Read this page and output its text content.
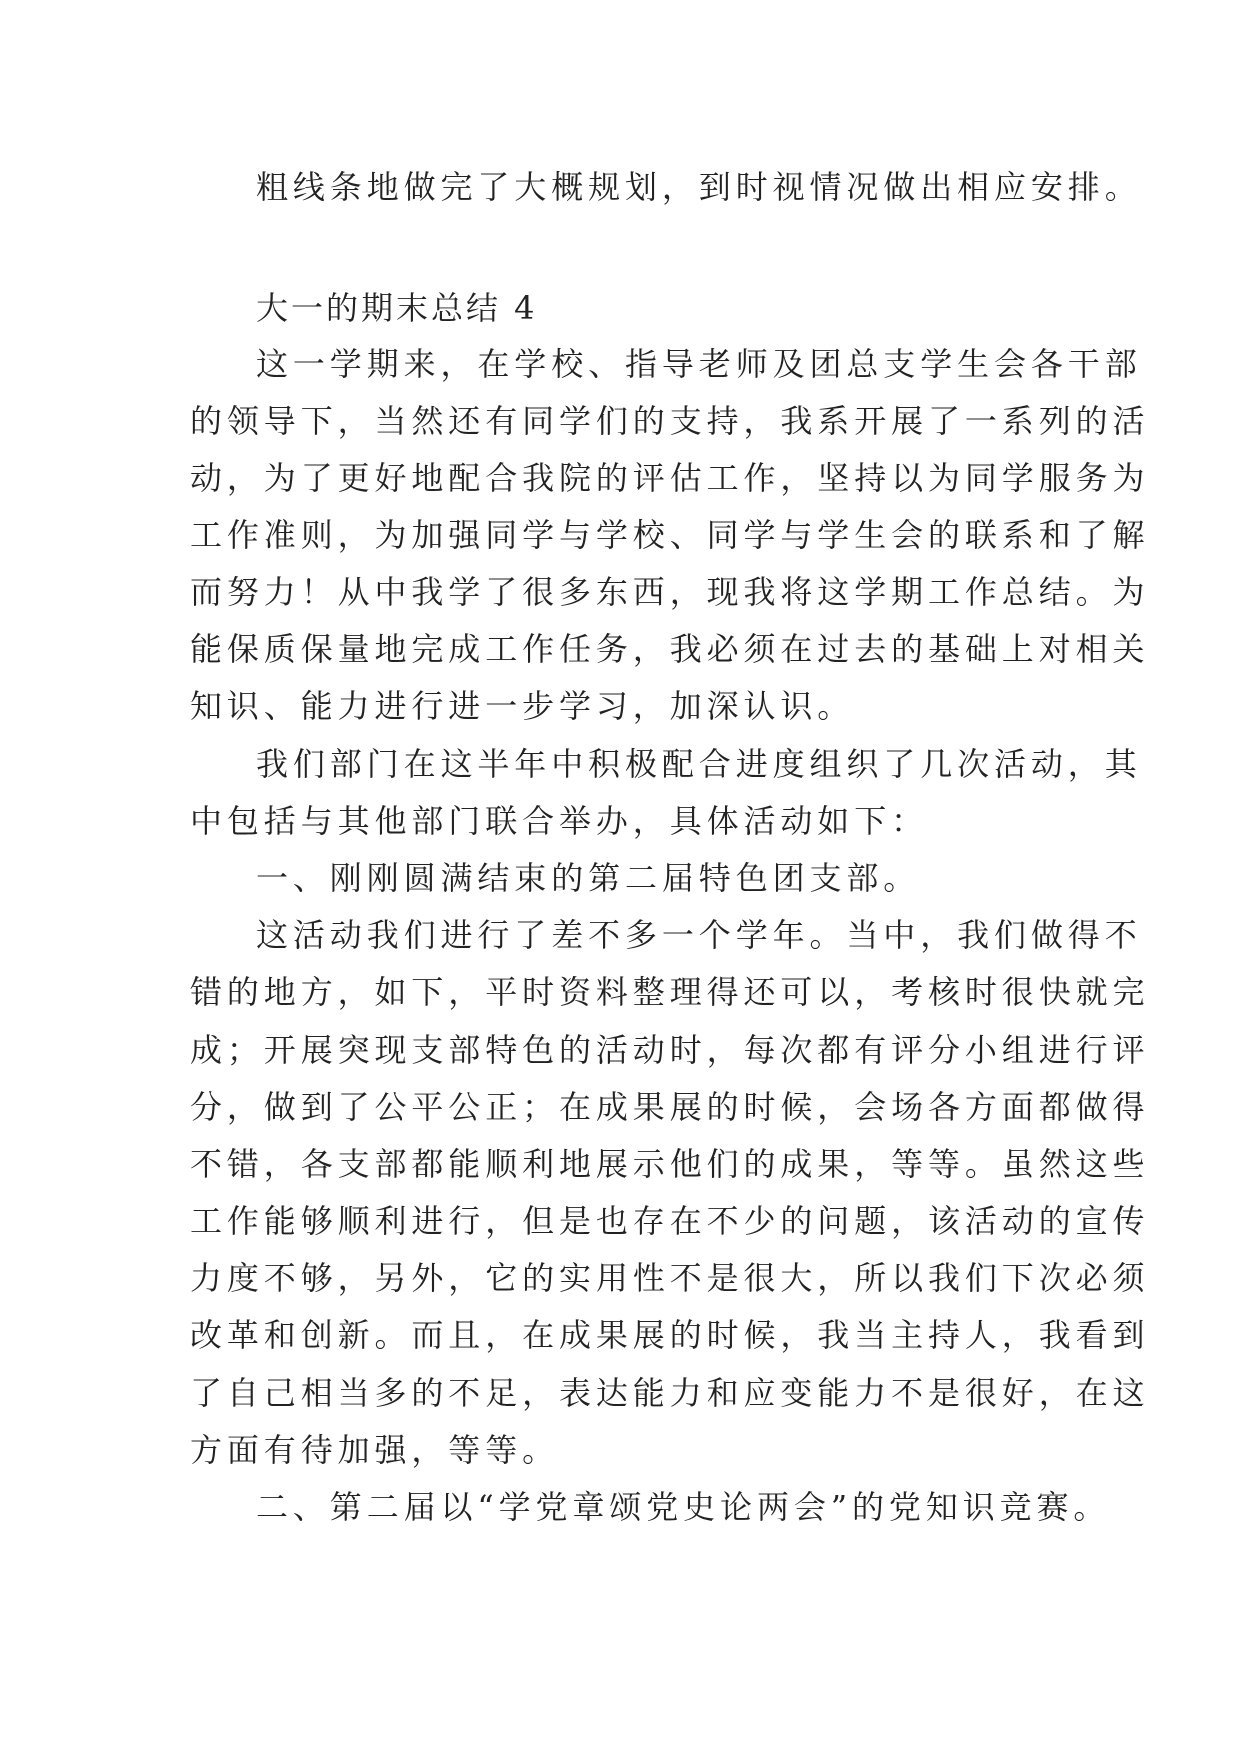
粗线条地做完了大概规划，到时视情况做出相应安排。
大一的期末总结 4
这一学期来，在学校、指导老师及团总支学生会各干部
的领导下，当然还有同学们的支持，我系开展了一系列的活
动，为了更好地配合我院的评估工作，坚持以为同学服务为
工作准则，为加强同学与学校、同学与学生会的联系和了解
而努力！从中我学了很多东西，现我将这学期工作总结。为
能保质保量地完成工作任务，我必须在过去的基础上对相关
知识、能力进行进一步学习，加深认识。
我们部门在这半年中积极配合进度组织了几次活动，其
中包括与其他部门联合举办，具体活动如下：
一、刚刚圆满结束的第二届特色团支部。
这活动我们进行了差不多一个学年。当中，我们做得不
错的地方，如下，平时资料整理得还可以，考核时很快就完
成；开展突现支部特色的活动时，每次都有评分小组进行评
分，做到了公平公正；在成果展的时候，会场各方面都做得
不错，各支部都能顺利地展示他们的成果，等等。虽然这些
工作能够顺利进行，但是也存在不少的问题，该活动的宣传
力度不够，另外，它的实用性不是很大，所以我们下次必须
改革和创新。而且，在成果展的时候，我当主持人，我看到
了自己相当多的不足，表达能力和应变能力不是很好，在这
方面有待加强，等等。
二、第二届以“学党章颂党史论两会”的党知识竞赛。
